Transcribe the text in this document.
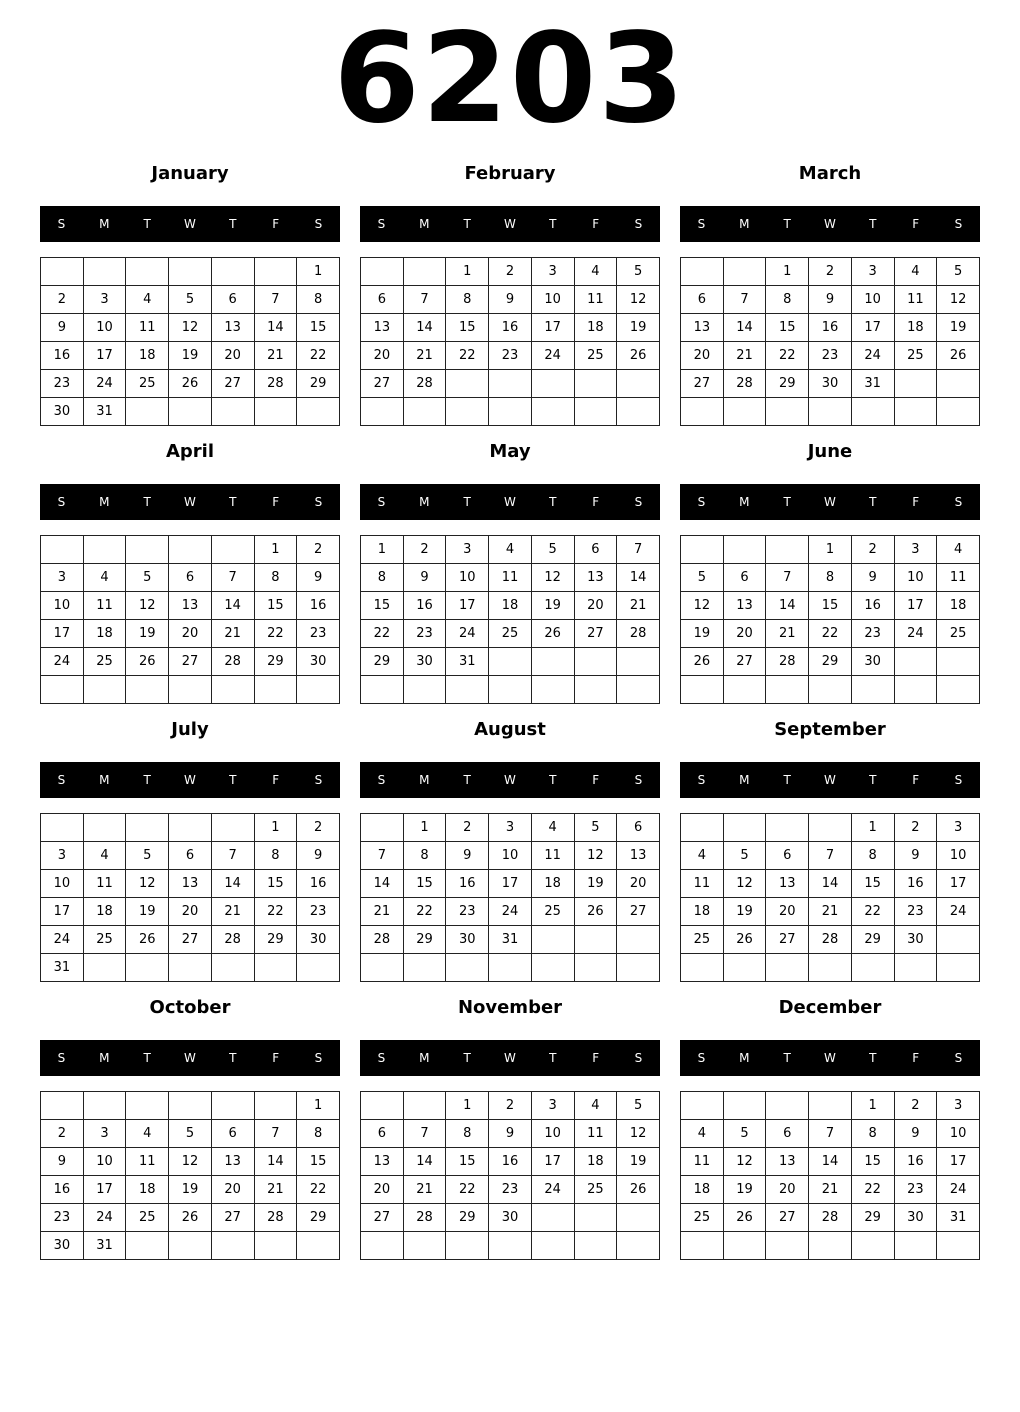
6203
January
S	M	T	W	T	F	S
						1
2	3	4	5	6	7	8
9	10	11	12	13	14	15
16	17	18	19	20	21	22
23	24	25	26	27	28	29
30	31					
February
S	M	T	W	T	F	S
		1	2	3	4	5
6	7	8	9	10	11	12
13	14	15	16	17	18	19
20	21	22	23	24	25	26
27	28					

March
S	M	T	W	T	F	S
		1	2	3	4	5
6	7	8	9	10	11	12
13	14	15	16	17	18	19
20	21	22	23	24	25	26
27	28	29	30	31		

April
S	M	T	W	T	F	S
					1	2
3	4	5	6	7	8	9
10	11	12	13	14	15	16
17	18	19	20	21	22	23
24	25	26	27	28	29	30

May
S	M	T	W	T	F	S
1	2	3	4	5	6	7
8	9	10	11	12	13	14
15	16	17	18	19	20	21
22	23	24	25	26	27	28
29	30	31				

June
S	M	T	W	T	F	S
			1	2	3	4
5	6	7	8	9	10	11
12	13	14	15	16	17	18
19	20	21	22	23	24	25
26	27	28	29	30		

July
S	M	T	W	T	F	S
					1	2
3	4	5	6	7	8	9
10	11	12	13	14	15	16
17	18	19	20	21	22	23
24	25	26	27	28	29	30
31						
August
S	M	T	W	T	F	S
	1	2	3	4	5	6
7	8	9	10	11	12	13
14	15	16	17	18	19	20
21	22	23	24	25	26	27
28	29	30	31			

September
S	M	T	W	T	F	S
				1	2	3
4	5	6	7	8	9	10
11	12	13	14	15	16	17
18	19	20	21	22	23	24
25	26	27	28	29	30	

October
S	M	T	W	T	F	S
						1
2	3	4	5	6	7	8
9	10	11	12	13	14	15
16	17	18	19	20	21	22
23	24	25	26	27	28	29
30	31					
November
S	M	T	W	T	F	S
		1	2	3	4	5
6	7	8	9	10	11	12
13	14	15	16	17	18	19
20	21	22	23	24	25	26
27	28	29	30			

December
S	M	T	W	T	F	S
				1	2	3
4	5	6	7	8	9	10
11	12	13	14	15	16	17
18	19	20	21	22	23	24
25	26	27	28	29	30	31
